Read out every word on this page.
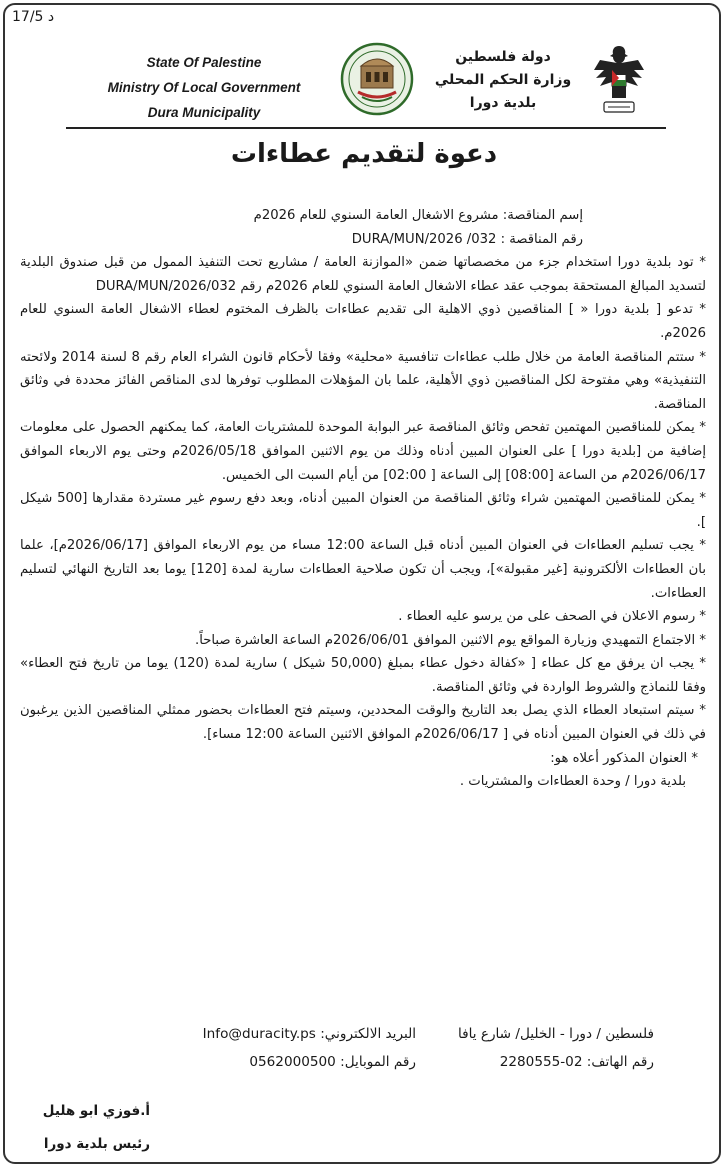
17/5 د
State Of Palestine
Ministry Of Local Government
Dura Municipality
دولة فلسطين
وزارة الحكم المحلي
بلدية دورا
دعوة لتقديم عطاءات

إسم المناقصة: مشروع الاشغال العامة السنوي للعام 2026م

رقم المناقصة : 032/ DURA/MUN/2026

* تود بلدية دورا استخدام جزء من مخصصاتها ضمن «الموازنة العامة / مشاريع تحت التنفيذ الممول من قبل صندوق البلدية لتسديد المبالغ المستحقة بموجب عقد عطاء الاشغال العامة السنوي للعام 2026م رقم 032/DURA/MUN/2026

* تدعو [ بلدية دورا « ] المناقصين ذوي الاهلية الى تقديم عطاءات بالظرف المختوم لعطاء الاشغال العامة السنوي للعام 2026م.

* ستتم المناقصة العامة من خلال طلب عطاءات تنافسية «محلية» وفقا لأحكام قانون الشراء العام رقم 8 لسنة 2014 ولائحته التنفيذية» وهي مفتوحة لكل المناقصين ذوي الأهلية، علما بان المؤهلات المطلوب توفرها لدى المناقص الفائز محددة في وثائق المناقصة.

* يمكن للمناقصين المهتمين تفحص وثائق المناقصة عبر البوابة الموحدة للمشتريات العامة، كما يمكنهم الحصول على معلومات إضافية من [بلدية دورا ] على العنوان المبين أدناه وذلك من يوم الاثنين الموافق 2026/05/18م وحتى يوم الاربعاء الموافق 2026/06/17م من الساعة [08:00] إلى الساعة [ 02:00] من أيام السبت الى الخميس.

* يمكن للمناقصين المهتمين شراء وثائق المناقصة من العنوان المبين أدناه، وبعد دفع رسوم غير مستردة مقدارها [500 شيكل ].

* يجب تسليم العطاءات في العنوان المبين أدناه قبل الساعة 12:00 مساء من يوم الاربعاء الموافق [2026/06/17م]، علما بان العطاءات الألكترونية [غير مقبولة»]، ويجب أن تكون صلاحية العطاءات سارية لمدة [120] يوما بعد التاريخ النهائي لتسليم العطاءات.

* رسوم الاعلان في الصحف على من يرسو عليه العطاء .

* الاجتماع التمهيدي وزيارة المواقع يوم الاثنين الموافق 2026/06/01م الساعة العاشرة صباحاً.

* يجب ان يرفق مع كل عطاء [ «كفالة دخول عطاء بمبلغ (50,000 شيكل ) سارية لمدة (120) يوما من تاريخ فتح العطاء» وفقا للنماذج والشروط الواردة في وثائق المناقصة.

* سيتم استبعاد العطاء الذي يصل بعد التاريخ والوقت المحددين، وسيتم فتح العطاءات بحضور ممثلي المناقصين الذين يرغبون في ذلك في العنوان المبين أدناه في [ 2026/06/17م الموافق الاثنين الساعة 12:00 مساء].

* العنوان المذكور أعلاه هو:

بلدية دورا / وحدة العطاءات والمشتريات .

فلسطين / دورا - الخليل/ شارع يافا
رقم الهاتف: 02-2280555
البريد الالكتروني: Info@duracity.ps
رقم الموبايل: 0562000500
أ.فوزي ابو هليل
رئيس بلدية دورا
